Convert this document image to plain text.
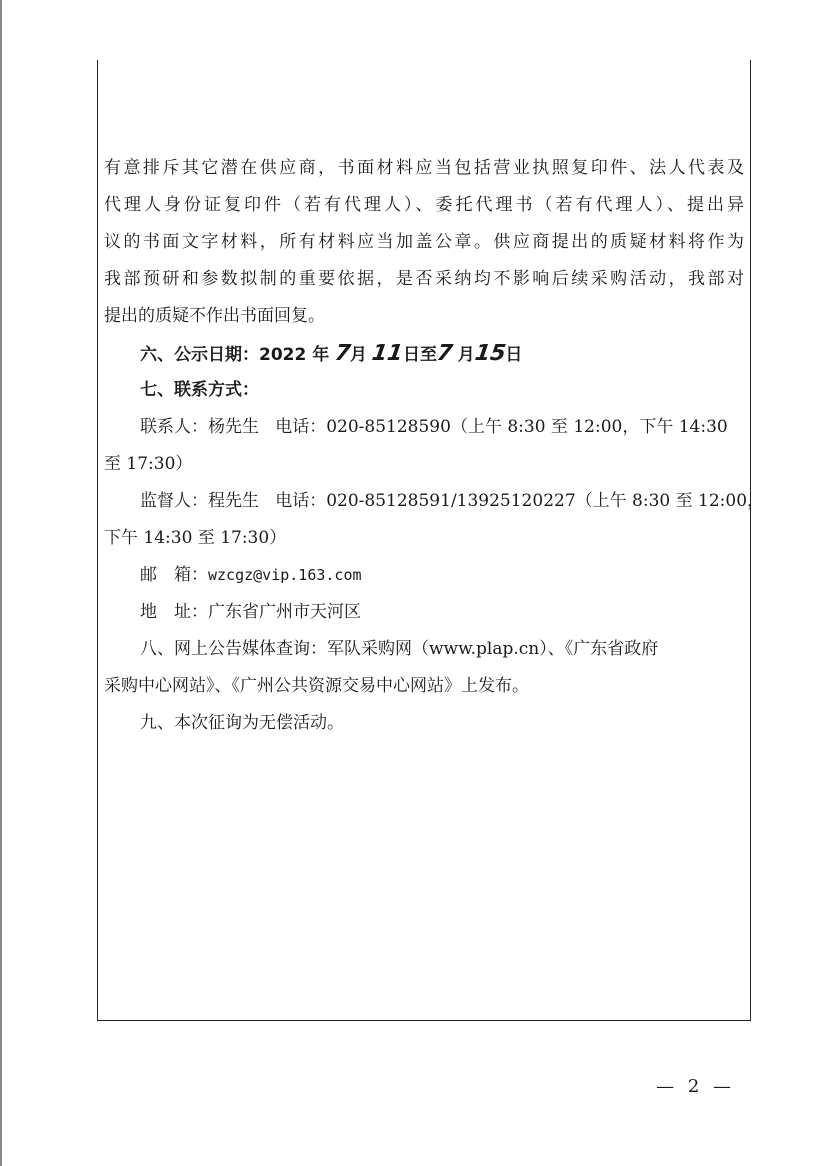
有意排斥其它潜在供应商，书面材料应当包括营业执照复印件、法人代表及
代理人身份证复印件（若有代理人）、委托代理书（若有代理人）、提出异
议的书面文字材料，所有材料应当加盖公章。供应商提出的质疑材料将作为
我部预研和参数拟制的重要依据，是否采纳均不影响后续采购活动，我部对
提出的质疑不作出书面回复。
六、公示日期：2022 年 7月 11日至7 月15日
七、联系方式：
联系人：杨先生 电话：020-85128590（上午 8:30 至 12:00，下午 14:30
至 17:30）
监督人：程先生 电话：020-85128591/13925120227（上午 8:30 至 12:00，
下午 14:30 至 17:30）
邮　箱：wzcgz@vip.163.com
地　址：广东省广州市天河区
八、网上公告媒体查询：军队采购网（www.plap.cn）、《广东省政府
采购中心网站》、《广州公共资源交易中心网站》上发布。
九、本次征询为无偿活动。
— 2 —
